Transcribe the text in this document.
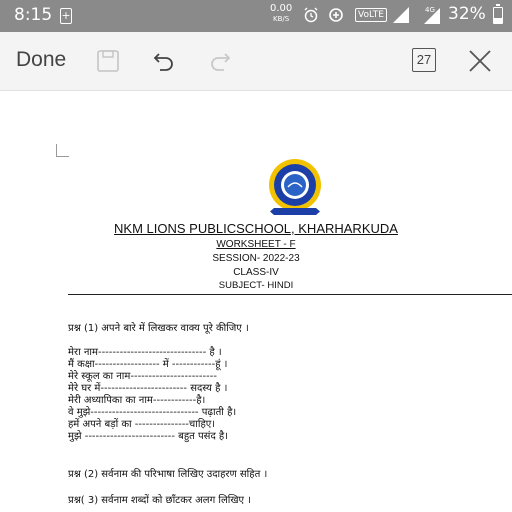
8:15 +
0.00
KB/S	VoLTE	4G 32%
Done	27
NKM LIONS PUBLICSCHOOL, KHARHARKUDA
WORKSHEET - F
SESSION- 2022-23
CLASS-IV
SUBJECT- HINDI
प्रश्न (1) अपने बारे में लिखकर वाक्य पूरे कीजिए ।
मेरा नाम------------------------------ है ।
मैं कक्षा------------------ में ------------हूं ।
मेरे स्कूल का नाम------------------------
मेरे घर में------------------------ सदस्य है ।
मेरी अध्यापिका का नाम------------है।
वे मुझे------------------------------ पढ़ाती है।
हमें अपने बड़ों का ---------------चाहिए।
मुझे ------------------------- बहुत पसंद है।
प्रश्न (2) सर्वनाम की परिभाषा लिखिए उदाहरण सहित ।
प्रश्न( 3) सर्वनाम शब्दों को छाँटकर अलग लिखिए ।
